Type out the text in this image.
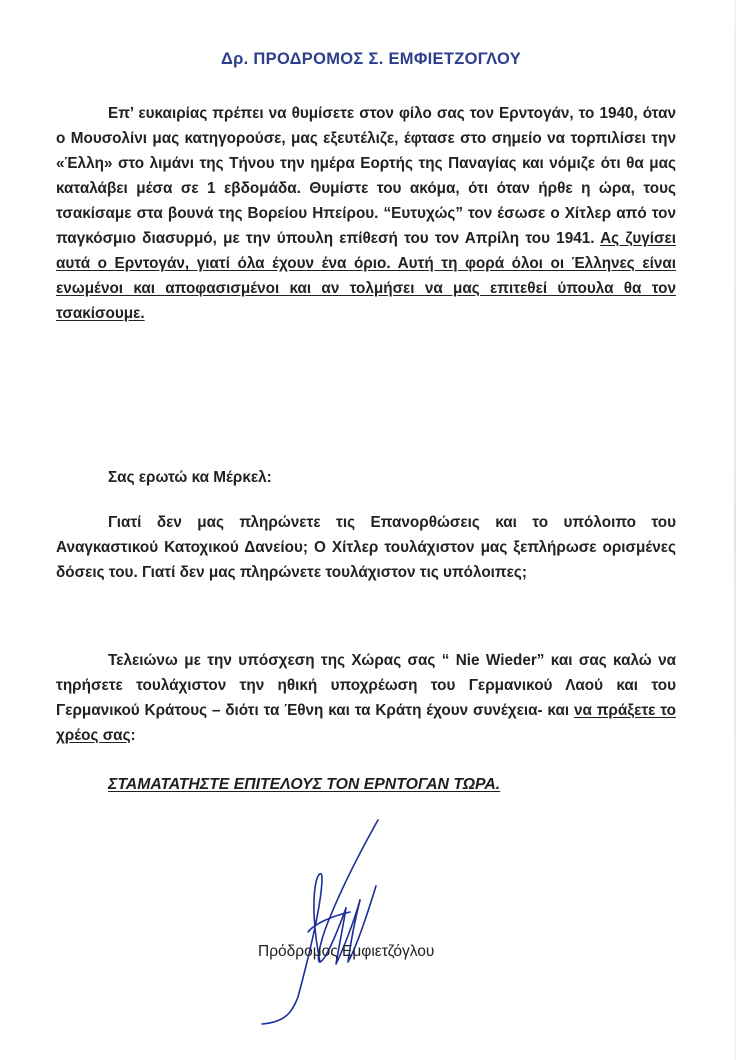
Δρ. ΠΡΟΔΡΟΜΟΣ Σ. ΕΜΦΙΕΤΖΟΓΛΟΥ
Επ’ ευκαιρίας πρέπει να θυμίσετε στον φίλο σας τον Ερντογάν, το 1940, όταν ο Μουσολίνι μας κατηγορούσε, μας εξευτέλιζε, έφτασε στο σημείο να τορπιλίσει την «Έλλη» στο λιμάνι της Τήνου την ημέρα Εορτής της Παναγίας και νόμιζε ότι θα μας καταλάβει μέσα σε 1 εβδομάδα. Θυμίστε του ακόμα, ότι όταν ήρθε η ώρα, τους τσακίσαμε στα βουνά της Βορείου Ηπείρου. “Ευτυχώς” τον έσωσε ο Χίτλερ από τον παγκόσμιο διασυρμό, με την ύπουλη επίθεσή του τον Απρίλη του 1941. Ας ζυγίσει αυτά ο Ερντογάν, γιατί όλα έχουν ένα όριο. Αυτή τη φορά όλοι οι Έλληνες είναι ενωμένοι και αποφασισμένοι και αν τολμήσει να μας επιτεθεί ύπουλα θα τον τσακίσουμε.
Σας ερωτώ κα Μέρκελ:
Γιατί δεν μας πληρώνετε τις Επανορθώσεις και το υπόλοιπο του Αναγκαστικού Κατοχικού Δανείου; Ο Χίτλερ τουλάχιστον μας ξεπλήρωσε ορισμένες δόσεις του. Γιατί δεν μας πληρώνετε τουλάχιστον τις υπόλοιπες;
Τελειώνω με την υπόσχεση της Χώρας σας “ Nie Wieder” και σας καλώ να τηρήσετε τουλάχιστον την ηθική υποχρέωση του Γερμανικού Λαού και του Γερμανικού Κράτους – διότι τα Έθνη και τα Κράτη έχουν συνέχεια- και να πράξετε το χρέος σας:
ΣΤΑΜΑΤΑΤΗΣΤΕ ΕΠΙΤΕΛΟΥΣ ΤΟΝ ΕΡΝΤΟΓΑΝ ΤΩΡΑ.
Πρόδρομος Εμφιετζόγλου
